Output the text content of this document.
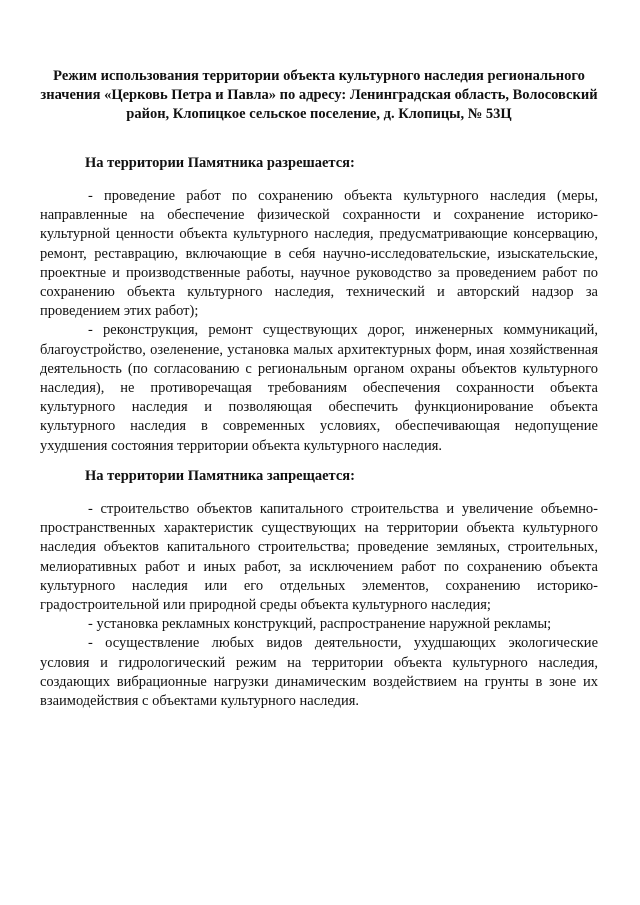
Режим использования территории объекта культурного наследия регионального значения «Церковь Петра и Павла» по адресу: Ленинградская область, Волосовский район, Клопицкое сельское поселение, д. Клопицы, № 53Ц
На территории Памятника разрешается:

- проведение работ по сохранению объекта культурного наследия (меры, направленные на обеспечение физической сохранности и сохранение историко-культурной ценности объекта культурного наследия, предусматривающие консервацию, ремонт, реставрацию, включающие в себя научно-исследовательские, изыскательские, проектные и производственные работы, научное руководство за проведением работ по сохранению объекта культурного наследия, технический и авторский надзор за проведением этих работ);

- реконструкция, ремонт существующих дорог, инженерных коммуникаций, благоустройство, озеленение, установка малых архитектурных форм, иная хозяйственная деятельность (по согласованию с региональным органом охраны объектов культурного наследия), не противоречащая требованиям обеспечения сохранности объекта культурного наследия и позволяющая обеспечить функционирование объекта культурного наследия в современных условиях, обеспечивающая недопущение ухудшения состояния территории объекта культурного наследия.

На территории Памятника запрещается:

- строительство объектов капитального строительства и увеличение объемно-пространственных характеристик существующих на территории объекта культурного наследия объектов капитального строительства; проведение земляных, строительных, мелиоративных работ и иных работ, за исключением работ по сохранению объекта культурного наследия или его отдельных элементов, сохранению историко-градостроительной или природной среды объекта культурного наследия;

- установка рекламных конструкций, распространение наружной рекламы;

- осуществление любых видов деятельности, ухудшающих экологические условия и гидрологический режим на территории объекта культурного наследия, создающих вибрационные нагрузки динамическим воздействием на грунты в зоне их взаимодействия с объектами культурного наследия.
